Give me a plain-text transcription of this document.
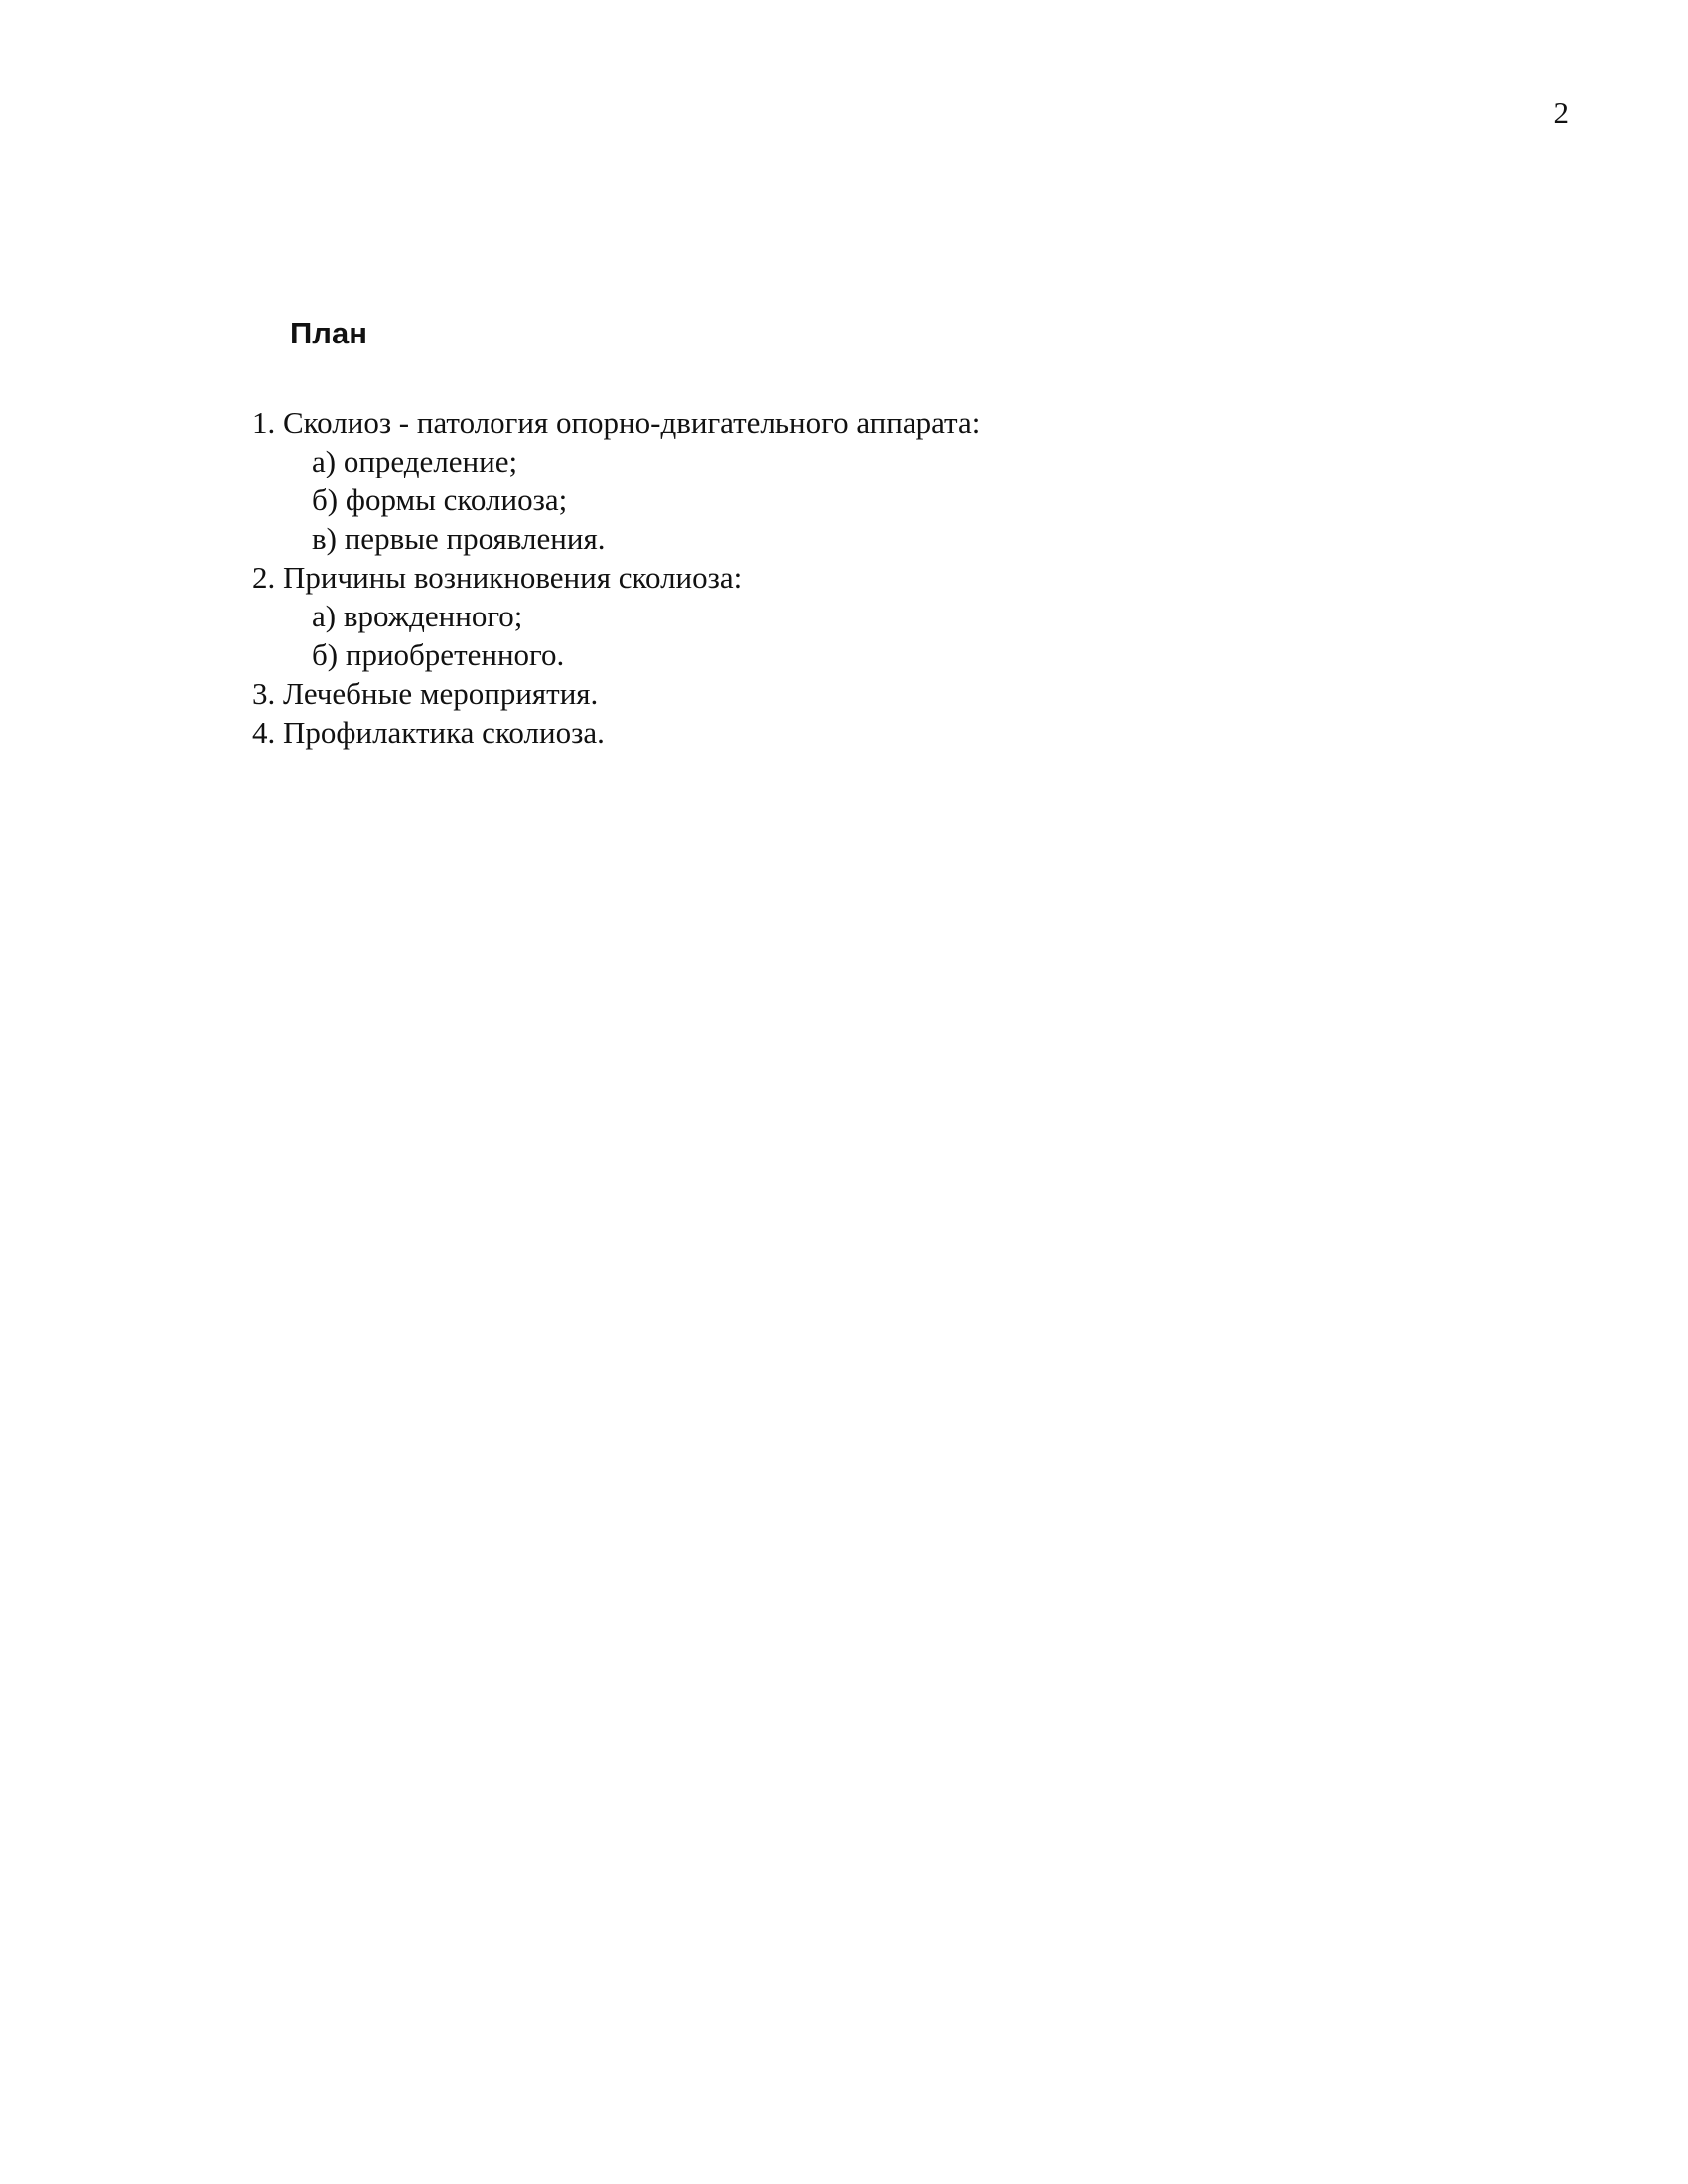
2
План
1. Сколиоз - патология опорно-двигательного аппарата:
а) определение;
б) формы сколиоза;
в) первые проявления.
2. Причины возникновения сколиоза:
а) врожденного;
б) приобретенного.
3. Лечебные мероприятия.
4. Профилактика сколиоза.
